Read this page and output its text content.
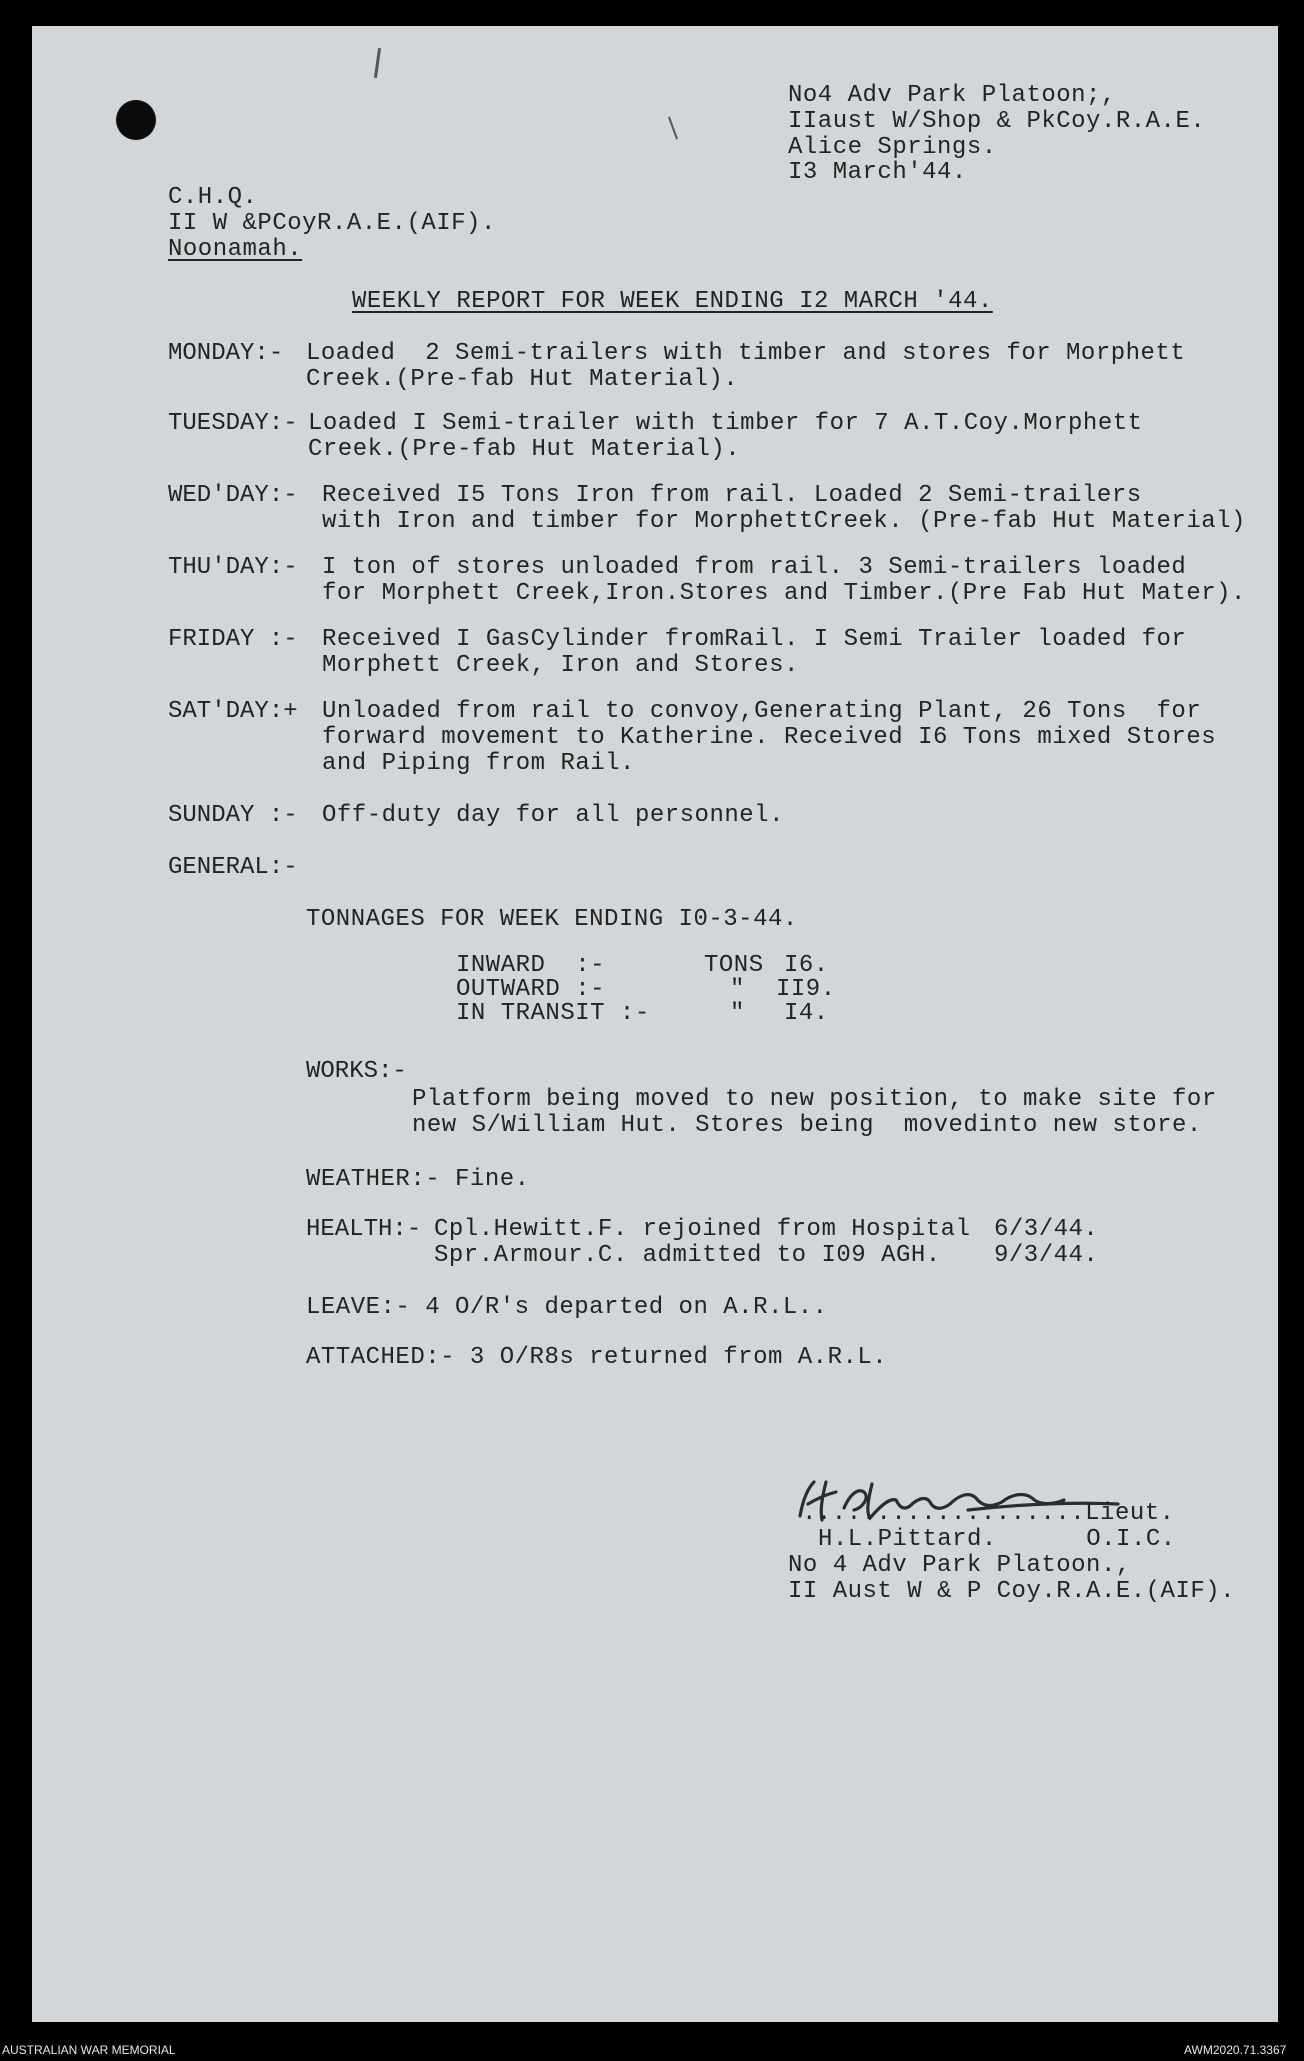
No4 Adv Park Platoon;,
IIaust W/Shop & PkCoy.R.A.E.
Alice Springs.
I3 March'44.
C.H.Q.
II W &PCoyR.A.E.(AIF).
Noonamah.
WEEKLY REPORT FOR WEEK ENDING I2 MARCH '44.
MONDAY:- Loaded  2 Semi-trailers with timber and stores for Morphett
Creek.(Pre-fab Hut Material).
TUESDAY:- Loaded I Semi-trailer with timber for 7 A.T.Coy.Morphett
Creek.(Pre-fab Hut Material).
WED'DAY:- Received I5 Tons Iron from rail. Loaded 2 Semi-trailers
with Iron and timber for MorphettCreek. (Pre-fab Hut Material)
THU'DAY:- I ton of stores unloaded from rail. 3 Semi-trailers loaded
for Morphett Creek,Iron.Stores and Timber.(Pre Fab Hut Mater).
FRIDAY :- Received I GasCylinder fromRail. I Semi Trailer loaded for
Morphett Creek, Iron and Stores.
SAT'DAY:+ Unloaded from rail to convoy,Generating Plant, 26 Tons  for
forward movement to Katherine. Received I6 Tons mixed Stores
and Piping from Rail.
SUNDAY :- Off-duty day for all personnel.
GENERAL:-
TONNAGES FOR WEEK ENDING I0-3-44.
INWARD  :-	TONS I6.
OUTWARD :-	" II9.
IN TRANSIT :-	" I4.
WORKS:-
Platform being moved to new position, to make site for
new S/William Hut. Stores being  movedinto new store.
WEATHER:- Fine.
HEALTH:- Cpl.Hewitt.F. rejoined from Hospital 6/3/44.
Spr.Armour.C. admitted to I09 AGH. 9/3/44.
LEAVE:- 4 O/R's departed on A.R.L..
ATTACHED:- 3 O/R8s returned from A.R.L.
...................Lieut.
H.L.Pittard.      O.I.C.
No 4 Adv Park Platoon.,
II Aust W & P Coy.R.A.E.(AIF).
AUSTRALIAN WAR MEMORIAL	AWM2020.71.3367
